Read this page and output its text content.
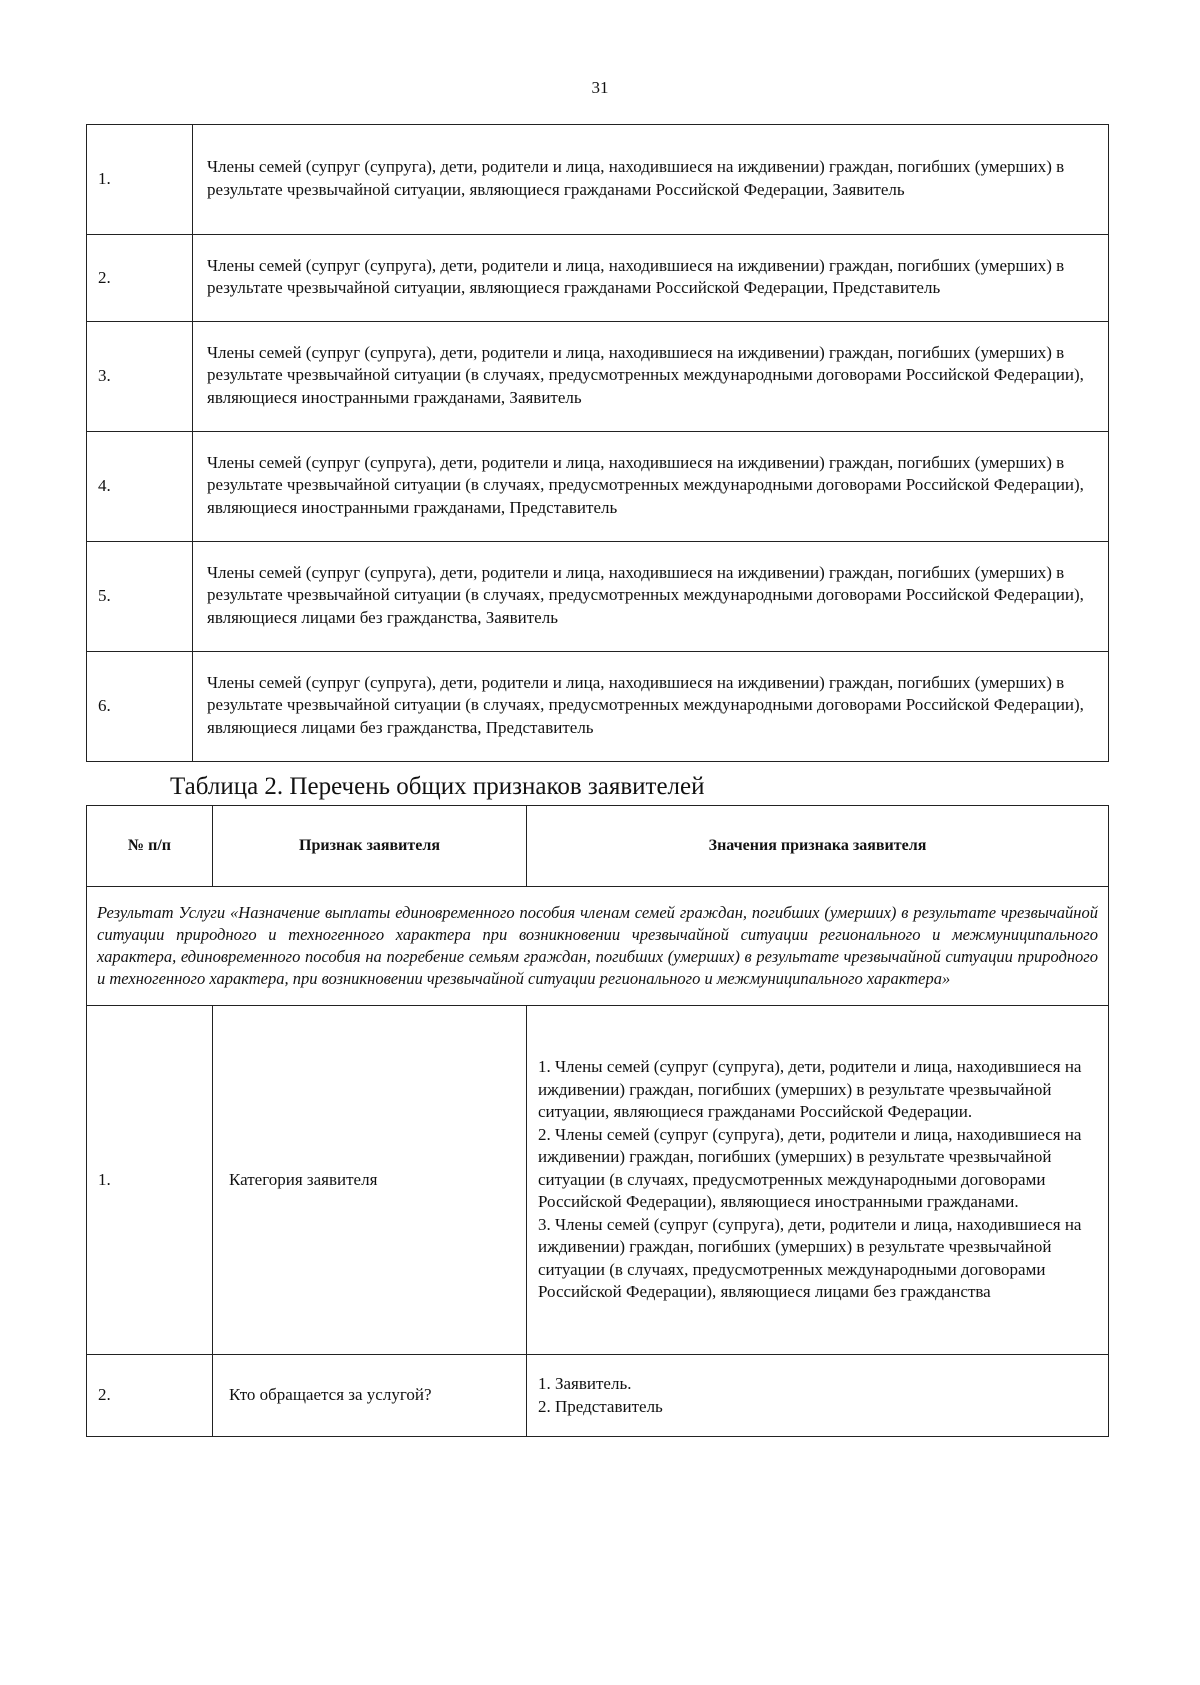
31
1.	Члены семей (супруг (супруга), дети, родители и лица, находившиеся на иждивении) граждан, погибших (умерших) в результате чрезвычайной ситуации, являющиеся гражданами Российской Федерации, Заявитель
2.	Члены семей (супруг (супруга), дети, родители и лица, находившиеся на иждивении) граждан, погибших (умерших) в результате чрезвычайной ситуации, являющиеся гражданами Российской Федерации, Представитель
3.	Члены семей (супруг (супруга), дети, родители и лица, находившиеся на иждивении) граждан, погибших (умерших) в результате чрезвычайной ситуации (в случаях, предусмотренных международными договорами Российской Федерации), являющиеся иностранными гражданами, Заявитель
4.	Члены семей (супруг (супруга), дети, родители и лица, находившиеся на иждивении) граждан, погибших (умерших) в результате чрезвычайной ситуации (в случаях, предусмотренных международными договорами Российской Федерации), являющиеся иностранными гражданами, Представитель
5.	Члены семей (супруг (супруга), дети, родители и лица, находившиеся на иждивении) граждан, погибших (умерших) в результате чрезвычайной ситуации (в случаях, предусмотренных международными договорами Российской Федерации), являющиеся лицами без гражданства, Заявитель
6.	Члены семей (супруг (супруга), дети, родители и лица, находившиеся на иждивении) граждан, погибших (умерших) в результате чрезвычайной ситуации (в случаях, предусмотренных международными договорами Российской Федерации), являющиеся лицами без гражданства, Представитель
Таблица 2. Перечень общих признаков заявителей
№ п/п	Признак заявителя	Значения признака заявителя
Результат Услуги «Назначение выплаты единовременного пособия членам семей граждан, погибших (умерших) в результате чрезвычайной ситуации природного и техногенного характера при возникновении чрезвычайной ситуации регионального и межмуниципального характера, единовременного пособия на погребение семьям граждан, погибших (умерших) в результате чрезвычайной ситуации природного и техногенного характера, при возникновении чрезвычайной ситуации регионального и межмуниципального характера»		
1.	Категория заявителя	1. Члены семей (супруг (супруга), дети, родители и лица, находившиеся на иждивении) граждан, погибших (умерших) в результате чрезвычайной ситуации, являющиеся гражданами Российской Федерации.
2. Члены семей (супруг (супруга), дети, родители и лица, находившиеся на иждивении) граждан, погибших (умерших) в результате чрезвычайной ситуации (в случаях, предусмотренных международными договорами Российской Федерации), являющиеся иностранными гражданами.
3. Члены семей (супруг (супруга), дети, родители и лица, находившиеся на иждивении) граждан, погибших (умерших) в результате чрезвычайной ситуации (в случаях, предусмотренных международными договорами Российской Федерации), являющиеся лицами без гражданства
2.	Кто обращается за услугой?	1. Заявитель.
2. Представитель
